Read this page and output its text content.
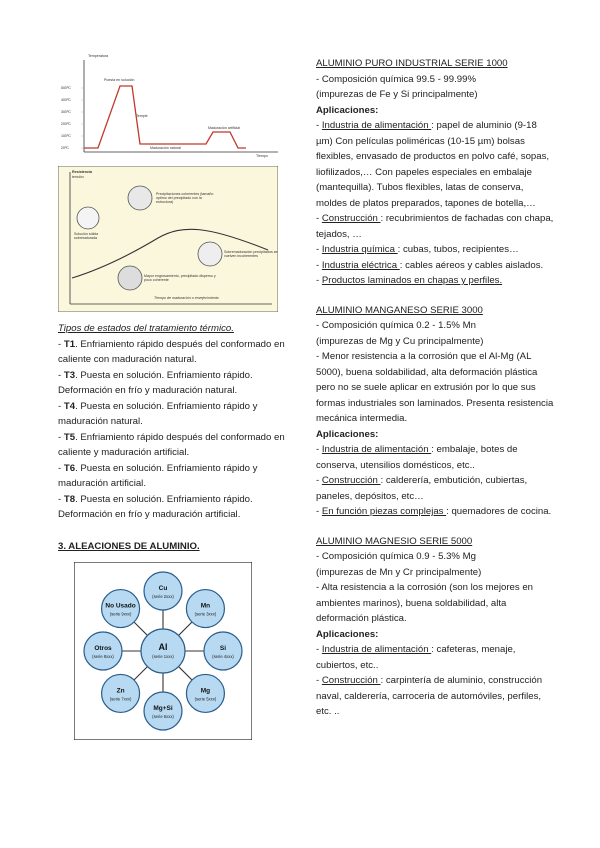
Temperatura
500ºC
400ºC
300ºC
200ºC
100ºC
20ºC
Puesta en solución
Temple
Maduración natural
Maduración artificial
Tiempo
Resistencia
tensión
Precipitaciones coherentes (tamaño óptimo del precipitado con la estructura)
Solución sólida sobresaturada
Sobremaduración precipitados se vuelven incoherentes
Mayor engrosamiento, precipitado disperso y poco coherente
Tiempo de maduración o envejecimiento

Tipos de estados del tratamiento térmico.

- T1. Enfriamiento rápido después del conformado en caliente con maduración natural.

- T3. Puesta en solución. Enfriamiento rápido. Deformación en frío y maduración natural.

- T4. Puesta en solución. Enfriamiento rápido y maduración natural.

- T5. Enfriamiento rápido después del conformado en caliente y maduración artificial.

- T6. Puesta en solución. Enfriamiento rápido y maduración artificial.

- T8. Puesta en solución. Enfriamiento rápido. Deformación en frío y maduración artificial.

3. ALEACIONES DE ALUMINIO.

Cu
(serie 2xxx)
Mn
(serie 3xxx)
Si
(serie 4xxx)
Mg
(serie 5xxx)
Mg+Si
(serie 6xxx)
Zn
(serie 7xxx)
Otros
(serie 8xxx)
No Usado
(serie 9xxx)
Al
(serie 1xxx)

ALUMINIO PURO INDUSTRIAL SERIE 1000

- Composición química 99.5 - 99.99%

(impurezas de Fe y Si principalmente)

Aplicaciones:

- Industria de alimentación : papel de aluminio (9-18 µm) Con películas poliméricas (10-15 µm) bolsas flexibles, envasado de productos en polvo café, sopas, liofilizados,… Con papeles especiales en embalaje (mantequilla). Tubos flexibles, latas de conserva, moldes de platos preparados, tapones de botella,…

- Construcción : recubrimientos de fachadas con chapa, tejados, …

- Industria química : cubas, tubos, recipientes…

- Industria eléctrica : cables aéreos y cables aislados.

- Productos laminados en chapas y perfiles.

ALUMINIO MANGANESO SERIE 3000

- Composición química 0.2 - 1.5% Mn

(impurezas de Mg y Cu principalmente)

- Menor resistencia a la corrosión que el Al-Mg (AL 5000), buena soldabilidad, alta deformación plástica pero no se suele aplicar en extrusión por lo que sus formas industriales son laminados. Presenta resistencia mecánica intermedia.

Aplicaciones:

- Industria de alimentación : embalaje, botes de conserva, utensilios domésticos, etc..

- Construcción : calderería, embutición, cubiertas, paneles, depósitos, etc…

- En función piezas complejas : quemadores de cocina.

ALUMINIO MAGNESIO SERIE 5000

- Composición química 0.9 - 5.3% Mg

(impurezas de Mn y Cr principalmente)

- Alta resistencia a la corrosión (son los mejores en ambientes marinos), buena soldabilidad, alta deformación plástica.

Aplicaciones:

- Industria de alimentación : cafeteras, menaje, cubiertos, etc..

- Construcción : carpintería de aluminio, construcción naval, calderería, carroceria de automóviles, perfiles, etc. ..
